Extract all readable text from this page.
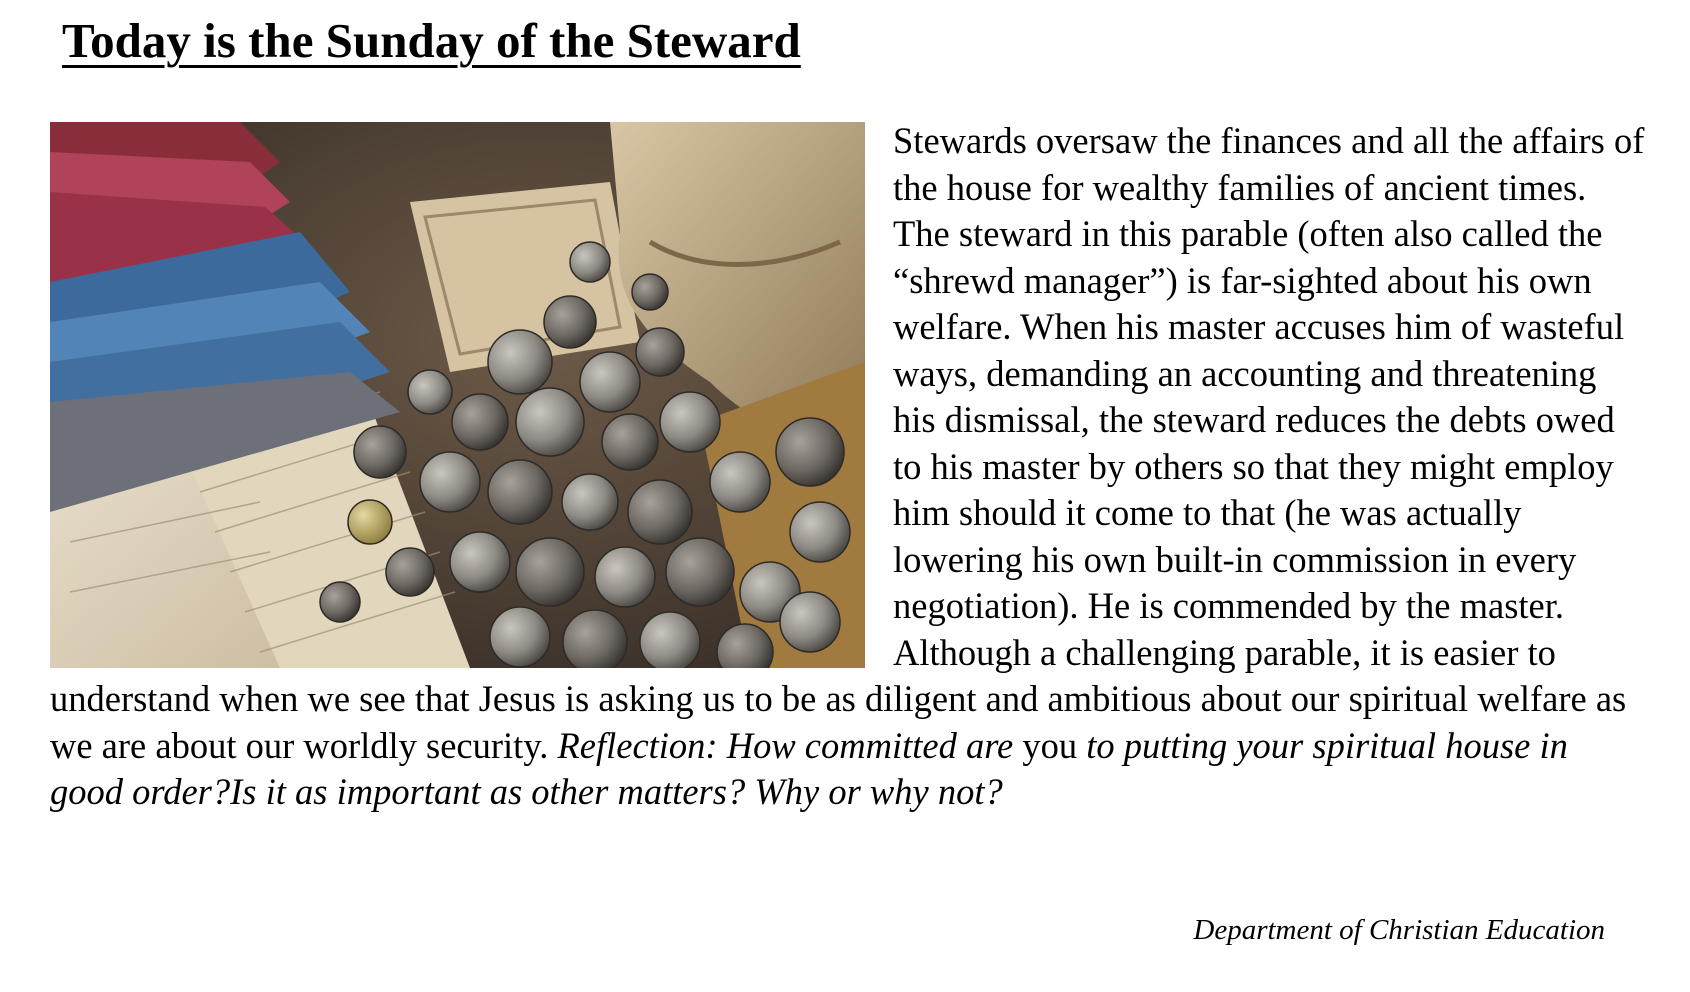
Today is the Sunday of the Steward

Stewards oversaw the finances and all the affairs of the house for wealthy families of ancient times. The steward in this parable (often also called the “shrewd manager”) is far-sighted about his own welfare. When his master accuses him of wasteful ways, demanding an accounting and threatening his dismissal, the steward reduces the debts owed to his master by others so that they might employ him should it come to that (he was actually lowering his own built-in commission in every negotiation). He is commended by the master. Although a challenging parable, it is easier to understand when we see that Jesus is asking us to be as diligent and ambitious about our spiritual welfare as we are about our worldly security. Reflection: How committed are you to putting your spiritual house in good order?Is it as important as other matters? Why or why not?

Department of Christian Education
